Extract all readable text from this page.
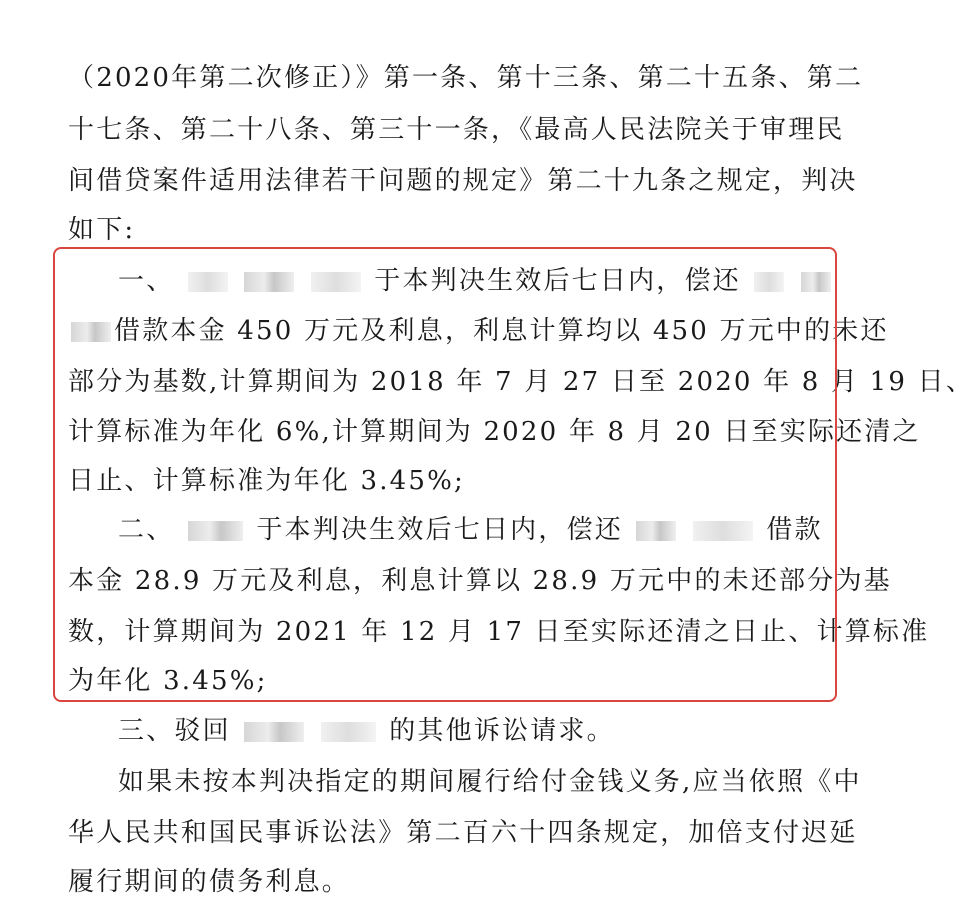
（2020年第二次修正）》第一条、第十三条、第二十五条、第二
十七条、第二十八条、第三十一条，《最高人民法院关于审理民
间借贷案件适用法律若干问题的规定》第二十九条之规定，判决
如下:
一、	于本判决生效后七日内，偿还
借款本金 450 万元及利息，利息计算均以 450 万元中的未还
部分为基数,计算期间为 2018 年 7 月 27 日至 2020 年 8 月 19 日、
计算标准为年化 6%,计算期间为 2020 年 8 月 20 日至实际还清之
日止、计算标准为年化 3.45%;
二、	于本判决生效后七日内，偿还	借款
本金 28.9 万元及利息，利息计算以 28.9 万元中的未还部分为基
数，计算期间为 2021 年 12 月 17 日至实际还清之日止、计算标准
为年化 3.45%;
三、驳回	的其他诉讼请求。
如果未按本判决指定的期间履行给付金钱义务,应当依照《中
华人民共和国民事诉讼法》第二百六十四条规定，加倍支付迟延
履行期间的债务利息。
